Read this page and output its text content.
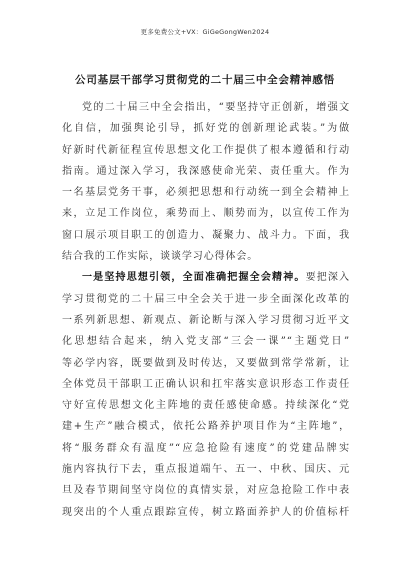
更多免费公文+VX：GiGeGongWen2024
公司基层干部学习贯彻党的二十届三中全会精神感悟
党的二十届三中全会指出，“要坚持守正创新，增强文
化自信，加强舆论引导，抓好党的创新理论武装。”为做
好新时代新征程宣传思想文化工作提供了根本遵循和行动
指南。通过深入学习，我深感使命光荣、责任重大。作为
一名基层党务干事，必须把思想和行动统一到全会精神上
来，立足工作岗位，乘势而上、顺势而为，以宣传工作为
窗口展示项目职工的创造力、凝聚力、战斗力。下面，我
结合我的工作实际，谈谈学习心得体会。
一是坚持思想引领，全面准确把握全会精神。要把深入
学习贯彻党的二十届三中全会关于进一步全面深化改革的
一系列新思想、新观点、新论断与深入学习贯彻习近平文
化思想结合起来，纳入党支部“三会一课”“主题党日”
等必学内容，既要做到及时传达，又要做到常学常新，让
全体党员干部职工正确认识和扛牢落实意识形态工作责任
守好宣传思想文化主阵地的责任感使命感。持续深化“党
建+生产”融合模式，依托公路养护项目作为“主阵地”，
将“服务群众有温度”“应急抢险有速度”的党建品牌实
施内容执行下去，重点报道端午、五一、中秋、国庆、元
旦及春节期间坚守岗位的真情实景，对应急抢险工作中表
现突出的个人重点跟踪宣传，树立路面养护人的价值标杆
